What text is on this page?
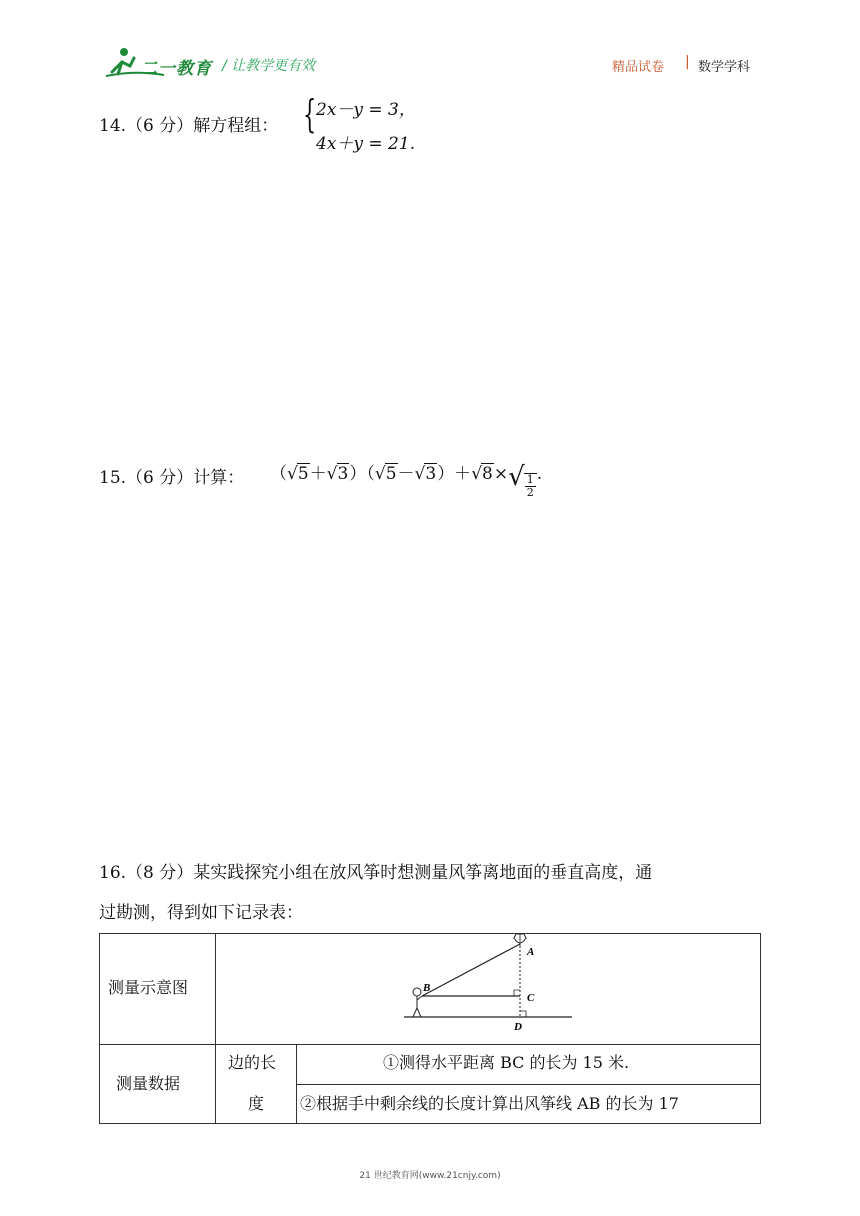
二一教育 / 让教学更有效	精品试卷 | 数学学科
14.（6 分）解方程组： { 2x－y = 3，
4x＋y = 21.
15.（6 分）计算： $(√5+√3)(√5-√3)+√8\times√ \frac{1}{2}$ .
16.（8 分）某实践探究小组在放风筝时想测量风筝离地面的垂直高度，通
过勘测，得到如下记录表：
测量示意图
测量数据
边的长
度
①测得水平距离 BC 的长为 15 米.
②根据手中剩余线的长度计算出风筝线 AB 的长为 17
A
B
C
D
21 世纪教育网(www.21cnjy.com)
